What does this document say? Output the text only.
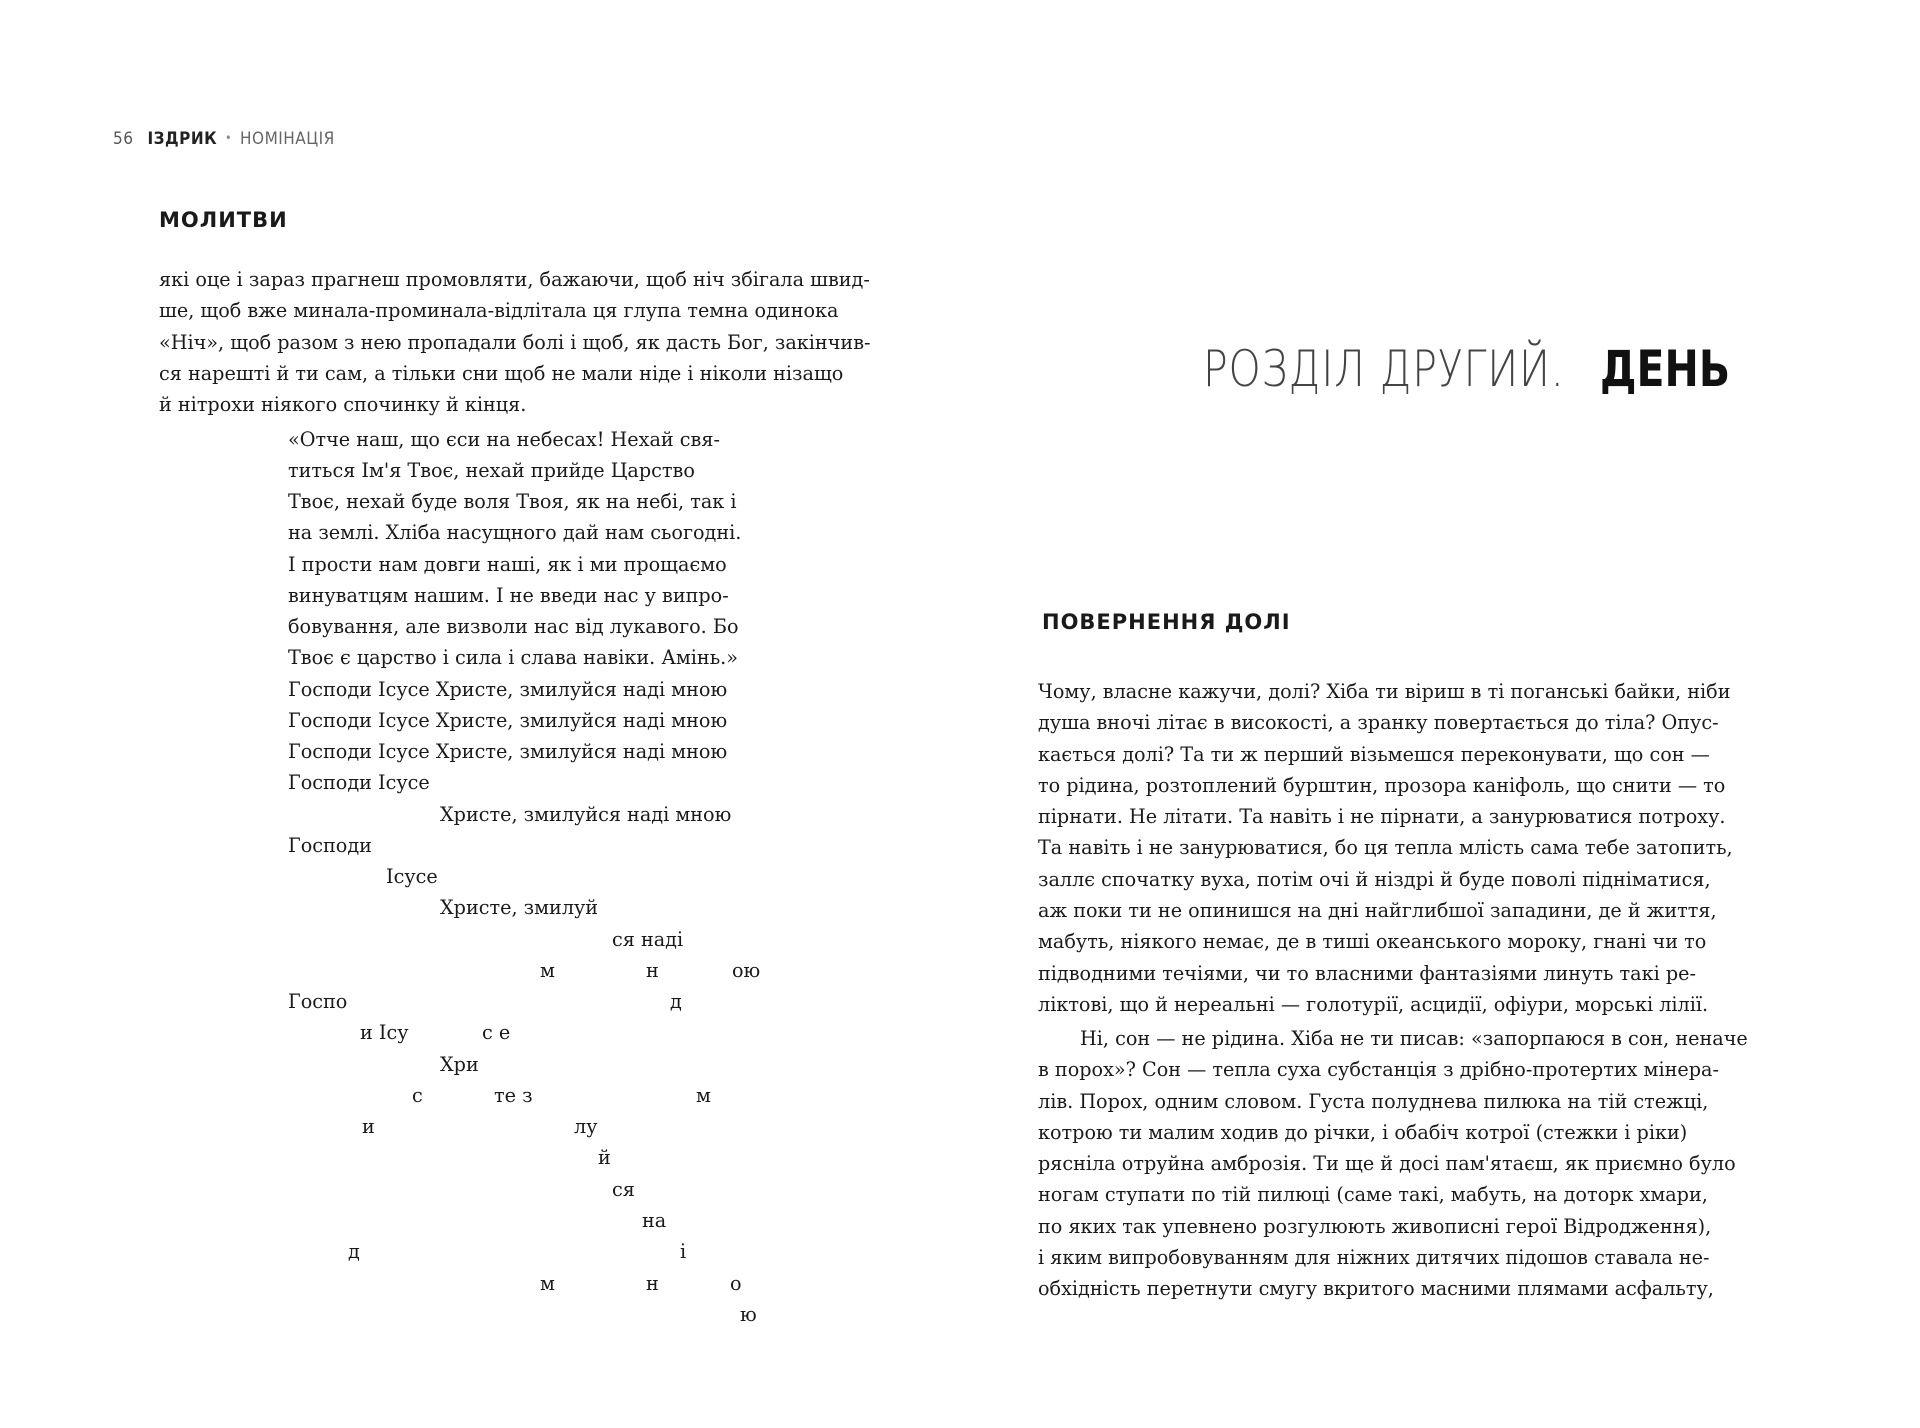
56 ІЗДРИК • НОМІНАЦІЯ
МОЛИТВИ

які оце і зараз прагнеш промовляти, бажаючи, щоб ніч збігала швид-

ше, щоб вже минала-проминала-відлітала ця глупа темна одинока

«Ніч», щоб разом з нею пропадали болі і щоб, як дасть Бог, закінчив-

ся нарешті й ти сам, а тільки сни щоб не мали ніде і ніколи нізащо

й нітрохи ніякого спочинку й кінця.

«Отче наш, що єси на небесах! Нехай свя-
титься Ім'я Твоє, нехай прийде Царство
Твоє, нехай буде воля Твоя, як на небі, так і
на землі. Хліба насущного дай нам сьогодні.
І прости нам довги наші, як і ми прощаємо
винуватцям нашим. І не введи нас у випро-
бовування, але визволи нас від лукавого. Бо
Твоє є царство і сила і слава навіки. Амінь.»
Господи Ісусе Христе, змилуйся наді мною
Господи Ісусе Христе, змилуйся наді мною
Господи Ісусе Христе, змилуйся наді мною
Господи Ісусе
Христе, змилуйся наді мною
Господи
Ісусе
Христе, змилуй
ся наді
м	н	ою
Госпо	д
и Ісу	с е
Хри
с	те з	м
и	лу
й
ся
на
д	і
м	н	о
ю
РОЗДІЛ ДРУГИЙ. ДЕНЬ
ПОВЕРНЕННЯ ДОЛІ

Чому, власне кажучи, долі? Хіба ти віриш в ті поганські байки, ніби

душа вночі літає в високості, а зранку повертається до тіла? Опус-

кається долі? Та ти ж перший візьмешся переконувати, що сон —

то рідина, розтоплений бурштин, прозора каніфоль, що снити — то

пірнати. Не літати. Та навіть і не пірнати, а занурюватися потроху.

Та навіть і не занурюватися, бо ця тепла млість сама тебе затопить,

заллє спочатку вуха, потім очі й ніздрі й буде поволі підніматися,

аж поки ти не опинишся на дні найглибшої западини, де й життя,

мабуть, ніякого немає, де в тиші океанського мороку, гнані чи то

підводними течіями, чи то власними фантазіями линуть такі ре-

ліктові, що й нереальні — голотурії, асцидії, офіури, морські лілії.

Ні, сон — не рідина. Хіба не ти писав: «запорпаюся в сон, неначе

в порох»? Сон — тепла суха субстанція з дрібно-протертих мінера-

лів. Порох, одним словом. Густа полуднева пилюка на тій стежці,

котрою ти малим ходив до річки, і обабіч котрої (стежки і ріки)

рясніла отруйна амброзія. Ти ще й досі пам'ятаєш, як приємно було

ногам ступати по тій пилюці (саме такі, мабуть, на доторк хмари,

по яких так упевнено розгулюють живописні герої Відродження),

і яким випробовуванням для ніжних дитячих підошов ставала не-

обхідність перетнути смугу вкритого масними плямами асфальту,
